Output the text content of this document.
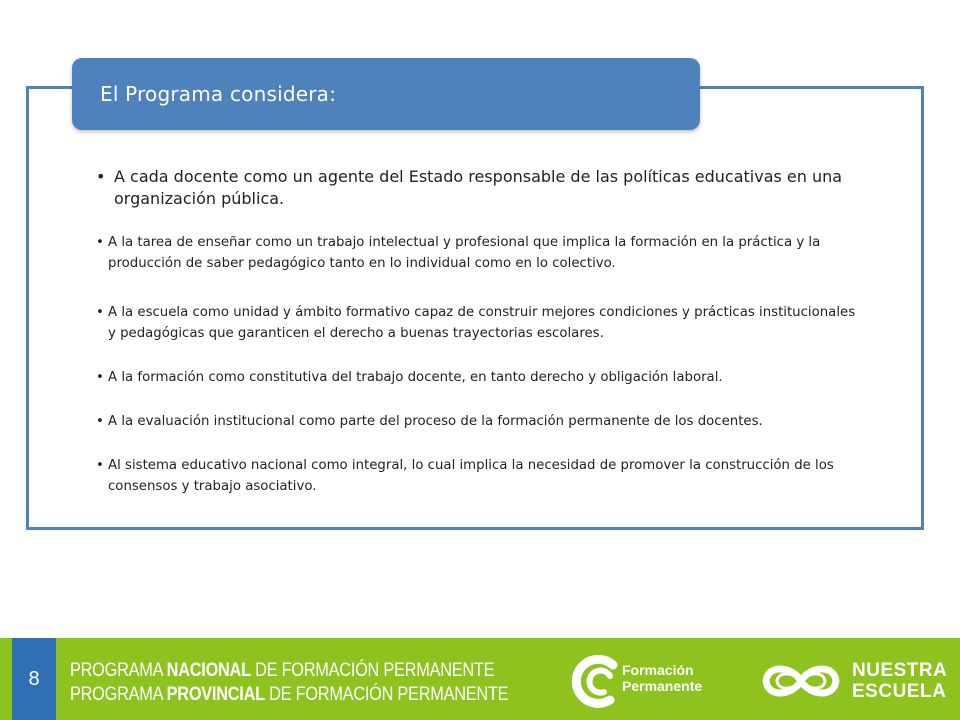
El Programa considera:
• A cada docente como un agente del Estado responsable de las políticas educativas en una organización pública.
• A la tarea de enseñar como un trabajo intelectual y profesional que implica la formación en la práctica y la producción de saber pedagógico tanto en lo individual como en lo colectivo.
• A la escuela como unidad y ámbito formativo capaz de construir mejores condiciones y prácticas institucionales y pedagógicas que garanticen el derecho a buenas trayectorias escolares.
• A la formación como constitutiva del trabajo docente, en tanto derecho y obligación laboral.
• A la evaluación institucional como parte del proceso de la formación permanente de los docentes.
• Al sistema educativo nacional como integral, lo cual implica la necesidad de promover la construcción de los consensos y trabajo asociativo.
8	PROGRAMA NACIONAL DE FORMACIÓN PERMANENTE
PROGRAMA PROVINCIAL DE FORMACIÓN PERMANENTE
Formación
Permanente
NUESTRA
ESCUELA
